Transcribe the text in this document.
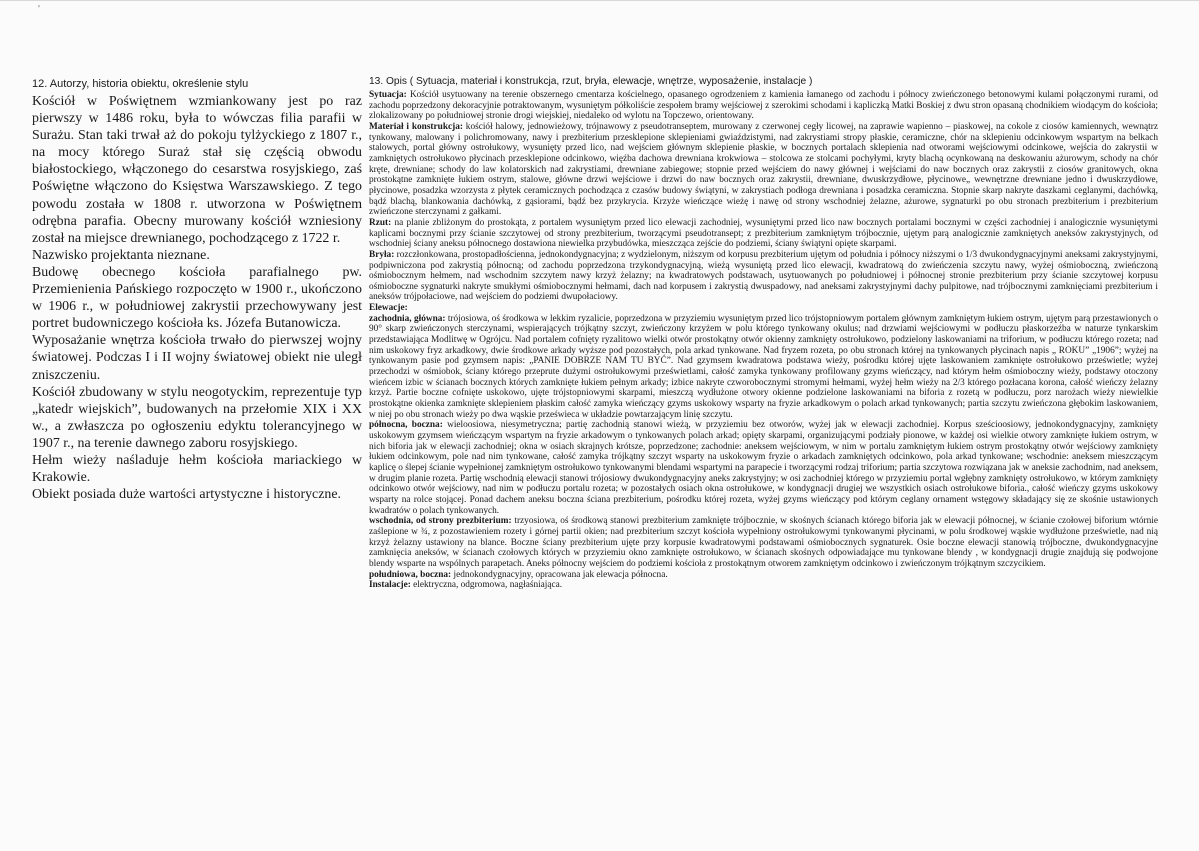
'
12. Autorzy, historia obiektu, określenie stylu

Kościół w Poświętnem wzmiankowany jest po raz pierwszy w 1486 roku, była to wówczas filia parafii w Surażu. Stan taki trwał aż do pokoju tylżyckiego z 1807 r., na mocy którego Suraż stał się częścią obwodu białostockiego, włączonego do cesarstwa rosyjskiego, zaś Poświętne włączono do Księstwa Warszawskiego. Z tego powodu została w 1808 r. utworzona w Poświętnem odrębna parafia. Obecny murowany kościół wzniesiony został na miejsce drewnianego, pochodzącego z 1722 r.

Nazwisko projektanta nieznane.

Budowę obecnego kościoła parafialnego pw. Przemienienia Pańskiego rozpoczęto w 1900 r., ukończono w 1906 r., w południowej zakrystii przechowywany jest portret budowniczego kościoła ks. Józefa Butanowicza.

Wyposażanie wnętrza kościoła trwało do pierwszej wojny światowej. Podczas I i II wojny światowej obiekt nie uległ zniszczeniu.

Kościół zbudowany w stylu neogotyckim, reprezentuje typ „katedr wiejskich”, budowanych na przełomie XIX i XX w., a zwłaszcza po ogłoszeniu edyktu tolerancyjnego w 1907 r., na terenie dawnego zaboru rosyjskiego.

Hełm wieży naśladuje hełm kościoła mariackiego w Krakowie.

Obiekt posiada duże wartości artystyczne i historyczne.

13. Opis ( Sytuacja, materiał i konstrukcja, rzut, bryła, elewacje, wnętrze, wyposażenie, instalacje )

Sytuacja: Kościół usytuowany na terenie obszernego cmentarza kościelnego, opasanego ogrodzeniem z kamienia łamanego od zachodu i północy zwieńczonego betonowymi kulami połączonymi rurami, od zachodu poprzedzony dekoracyjnie potraktowanym, wysuniętym półkoliście zespołem bramy wejściowej z szerokimi schodami i kapliczką Matki Boskiej z dwu stron opasaną chodnikiem wiodącym do kościoła; zlokalizowany po południowej stronie drogi wiejskiej, niedaleko od wylotu na Topczewo, orientowany.

Materiał i konstrukcja: kościół halowy, jednowieżowy, trójnawowy z pseudotranseptem, murowany z czerwonej cegły licowej, na zaprawie wapienno – piaskowej, na cokole z ciosów kamiennych, wewnątrz tynkowany, malowany i polichromowany, nawy i prezbiterium przesklepione sklepieniami gwiaździstymi, nad zakrystiami stropy płaskie, ceramiczne, chór na sklepieniu odcinkowym wspartym na belkach stalowych, portal główny ostrołukowy, wysunięty przed lico, nad wejściem głównym sklepienie płaskie, w bocznych portalach sklepienia nad otworami wejściowymi odcinkowe, wejścia do zakrystii w zamkniętych ostrołukowo płycinach przesklepione odcinkowo, więźba dachowa drewniana krokwiowa – stolcowa ze stolcami pochyłymi, kryty blachą ocynkowaną na deskowaniu ażurowym, schody na chór kręte, drewniane; schody do law kolatorskich nad zakrystiami, drewniane zabiegowe; stopnie przed wejściem do nawy głównej i wejściami do naw bocznych oraz zakrystii z ciosów granitowych, okna prostokątne zamknięte łukiem ostrym, stalowe, główne drzwi wejściowe i drzwi do naw bocznych oraz zakrystii, drewniane, dwuskrzydłowe, płycinowe„ wewnętrzne drewniane jedno i dwuskrzydłowe, płycinowe, posadzka wzorzysta z płytek ceramicznych pochodząca z czasów budowy świątyni, w zakrystiach podłoga drewniana i posadzka ceramiczna. Stopnie skarp nakryte daszkami ceglanymi, dachówką, bądź blachą, blankowania dachówką, z gąsiorami, bądź bez przykrycia. Krzyże wieńczące wieżę i nawę od strony wschodniej żelazne, ażurowe, sygnaturki po obu stronach prezbiterium i prezbiterium zwieńczone sterczynami z gałkami.

Rzut: na planie zbliżonym do prostokąta, z portalem wysuniętym przed lico elewacji zachodniej, wysuniętymi przed lico naw bocznych portalami bocznymi w części zachodniej i analogicznie wysuniętymi kaplicami bocznymi przy ścianie szczytowej od strony prezbiterium, tworzącymi pseudotransept; z prezbiterium zamkniętym trójbocznie, ujętym parą analogicznie zamkniętych aneksów zakrystyjnych, od wschodniej ściany aneksu północnego dostawiona niewielka przybudówka, mieszcząca zejście do podziemi, ściany świątyni opięte skarpami.

Bryła: rozczłonkowana, prostopadłościenna, jednokondygnacyjna; z wydzielonym, niższym od korpusu prezbiterium ujętym od południa i północy niższymi o 1/3 dwukondygnacyjnymi aneksami zakrystyjnymi, podpiwniczona pod zakrystią północną; od zachodu poprzedzona trzykondygnacyjną, wieżą wysuniętą przed lico elewacji, kwadratową do zwieńczenia szczytu nawy, wyżej ośmioboczną, zwieńczoną ośmiobocznym hełmem, nad wschodnim szczytem nawy krzyż żelazny; na kwadratowych podstawach, usytuowanych po południowej i północnej stronie prezbiterium przy ścianie szczytowej korpusu ośmioboczne sygnaturki nakryte smukłymi ośmiobocznymi hełmami, dach nad korpusem i zakrystią dwuspadowy, nad aneksami zakrystyjnymi dachy pulpitowe, nad trójbocznymi zamknięciami prezbiterium i aneksów trójpołaciowe, nad wejściem do podziemi dwupołaciowy.

Elewacje:

zachodnia, główna: trójosiowa, oś środkowa w lekkim ryzalicie, poprzedzona w przyziemiu wysuniętym przed lico trójstopniowym portalem głównym zamkniętym łukiem ostrym, ujętym parą przestawionych o 90° skarp zwieńczonych sterczynami, wspierających trójkątny szczyt, zwieńczony krzyżem w polu którego tynkowany okulus; nad drzwiami wejściowymi w podłuczu płaskorzeźba w naturze tynkarskim przedstawiająca Modlitwę w Ogrójcu. Nad portalem cofnięty ryzalitowo wielki otwór prostokątny otwór okienny zamknięty ostrołukowo, podzielony laskowaniami na triforium, w podłuczu którego rozeta; nad nim uskokowy fryz arkadkowy, dwie środkowe arkady wyższe pod pozostałych, pola arkad tynkowane. Nad fryzem rozeta, po obu stronach której na tynkowanych płycinach napis „ ROKU” „1906”; wyżej na tynkowanym pasie pod gzymsem napis: „PANIE DOBRZE NAM TU BYĆ”. Nad gzymsem kwadratowa podstawa wieży, pośrodku której ujęte laskowaniem zamknięte ostrołukowo prześwietle; wyżej przechodzi w ośmiobok, ściany którego przeprute dużymi ostrołukowymi prześwietlami, całość zamyka tynkowany profilowany gzyms wieńczący, nad którym hełm ośmioboczny wieży, podstawy otoczony wieńcem izbic w ścianach bocznych których zamknięte łukiem pełnym arkady; izbice nakryte czworobocznymi stromymi hełmami, wyżej hełm wieży na 2/3 którego pozłacana korona, całość wieńczy żelazny krzyż. Partie boczne cofnięte uskokowo, ujęte trójstopniowymi skarpami, mieszczą wydłużone otwory okienne podzielone laskowaniami na biforia z rozetą w podłuczu, porz narożach wieży niewielkie prostokątne okienka zamknięte sklepieniem płaskim całość zamyka wieńczący gzyms uskokowy wsparty na fryzie arkadkowym o polach arkad tynkowanych; partia szczytu zwieńczona głębokim laskowaniem, w niej po obu stronach wieży po dwa wąskie prześwieca w układzie powtarzającym linię szczytu.

północna, boczna: wieloosiowa, niesymetryczna; partię zachodnią stanowi wieżą, w przyziemiu bez otworów, wyżej jak w elewacji zachodniej. Korpus sześcioosiowy, jednokondygnacyjny, zamknięty uskokowym gzymsem wieńczącym wspartym na fryzie arkadowym o tynkowanych polach arkad; opięty skarpami, organizującymi podziały pionowe, w każdej osi wielkie otwory zamknięte łukiem ostrym, w nich biforia jak w elewacji zachodniej; okna w osiach skrajnych krótsze, poprzedzone; zachodnie: aneksem wejściowym, w nim w portalu zamkniętym łukiem ostrym prostokątny otwór wejściowy zamknięty łukiem odcinkowym, pole nad nim tynkowane, całość zamyka trójkątny szczyt wsparty na uskokowym fryzie o arkadach zamkniętych odcinkowo, pola arkad tynkowane; wschodnie: aneksem mieszczącym kaplicę o ślepej ścianie wypełnionej zamkniętym ostrołukowo tynkowanymi blendami wspartymi na parapecie i tworzącymi rodzaj triforium; partia szczytowa rozwiązana jak w aneksie zachodnim, nad aneksem, w drugim planie rozeta. Partię wschodnią elewacji stanowi trójosiowy dwukondygnacyjny aneks zakrystyjny; w osi zachodniej którego w przyziemiu portal wgłębny zamknięty ostrołukowo, w którym zamknięty odcinkowo otwór wejściowy, nad nim w podłuczu portalu rozeta; w pozostałych osiach okna ostrołukowe, w kondygnacji drugiej we wszystkich osiach ostrołukowe biforia., całość wieńczy gzyms uskokowy wsparty na rolce stojącej. Ponad dachem aneksu boczna ściana prezbiterium, pośrodku której rozeta, wyżej gzyms wieńczący pod którym ceglany ornament wstęgowy składający się ze skośnie ustawionych kwadratów o polach tynkowanych.

wschodnia, od strony prezbiterium: trzyosiowa, oś środkową stanowi prezbiterium zamknięte trójbocznie, w skośnych ścianach którego biforia jak w elewacji północnej, w ścianie czołowej biforium wtórnie zaślepione w ¾, z pozostawieniem rozety i górnej partii okien; nad prezbiterium szczyt kościoła wypełniony ostrołukowymi tynkowanymi płycinami, w polu środkowej wąskie wydłużone prześwietle, nad nią krzyż żelazny ustawiony na blance. Boczne ściany prezbiterium ujęte przy korpusie kwadratowymi podstawami ośmiobocznych sygnaturek. Osie boczne elewacji stanowią trójboczne, dwukondygnacyjne zamknięcia aneksów, w ścianach czołowych których w przyziemiu okno zamknięte ostrołukowo, w ścianach skośnych odpowiadające mu tynkowane blendy , w kondygnacji drugie znajdują się podwojone blendy wsparte na wspólnych parapetach. Aneks północny wejściem do podziemi kościoła z prostokątnym otworem zamkniętym odcinkowo i zwieńczonym trójkątnym szczycikiem.

południowa, boczna: jednokondygnacyjny, opracowana jak elewacja północna.

Instalacje: elektryczna, odgromowa, nagłaśniająca.
